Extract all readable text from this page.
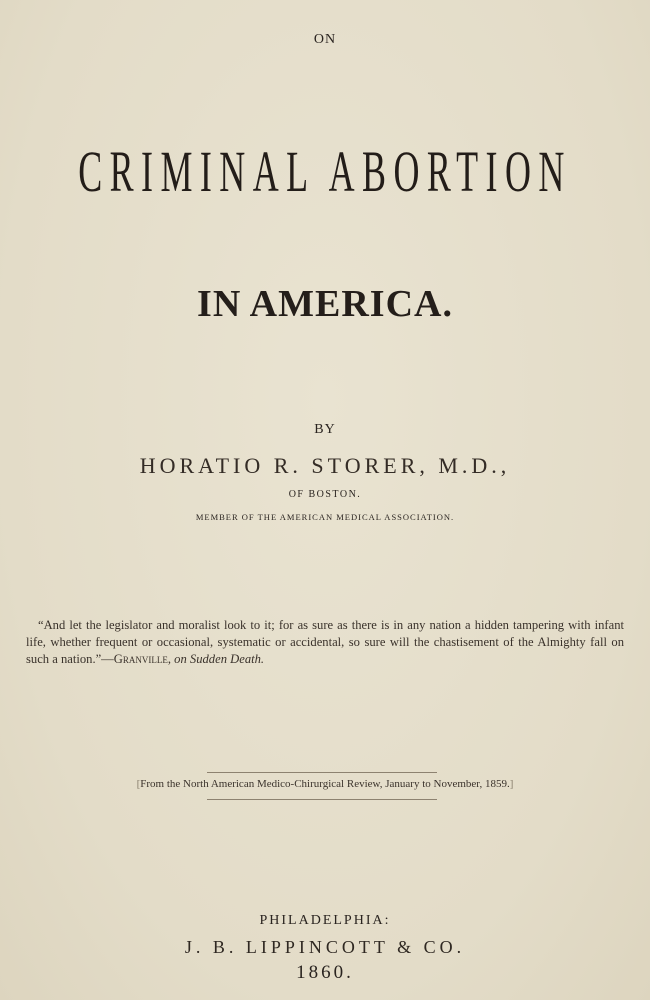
ON
CRIMINAL ABORTION
IN AMERICA.
BY
HORATIO R. STORER, M.D.,
OF BOSTON.
MEMBER OF THE AMERICAN MEDICAL ASSOCIATION.
“And let the legislator and moralist look to it; for as sure as there is in any nation a hidden tampering with infant life, whether frequent or occasional, systematic or accidental, so sure will the chastisement of the Almighty fall on such a nation.”—Granville, on Sudden Death.
[From the North American Medico-Chirurgical Review, January to November, 1859.]
PHILADELPHIA:
J. B. LIPPINCOTT & CO.
1860.
